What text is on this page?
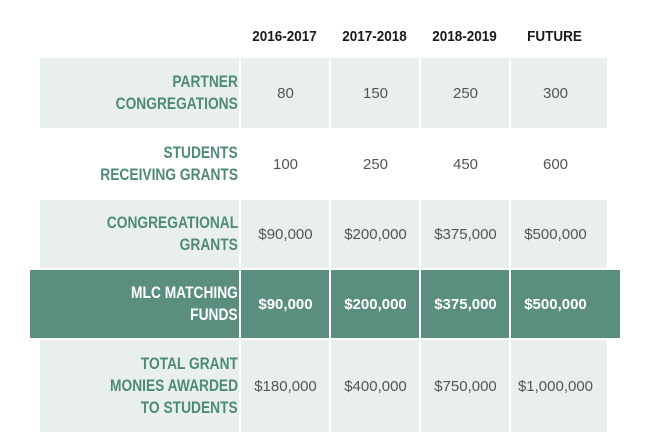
2016-2017	2017-2018	2018-2019	FUTURE
PARTNER
CONGREGATIONS
80	150	250	300
STUDENTS
RECEIVING GRANTS
100	250	450	600
CONGREGATIONAL
GRANTS
$90,000	$200,000	$375,000	$500,000
MLC MATCHING
FUNDS
$90,000	$200,000	$375,000	$500,000
TOTAL GRANT
MONIES AWARDED
TO STUDENTS
$180,000	$400,000	$750,000	$1,000,000
